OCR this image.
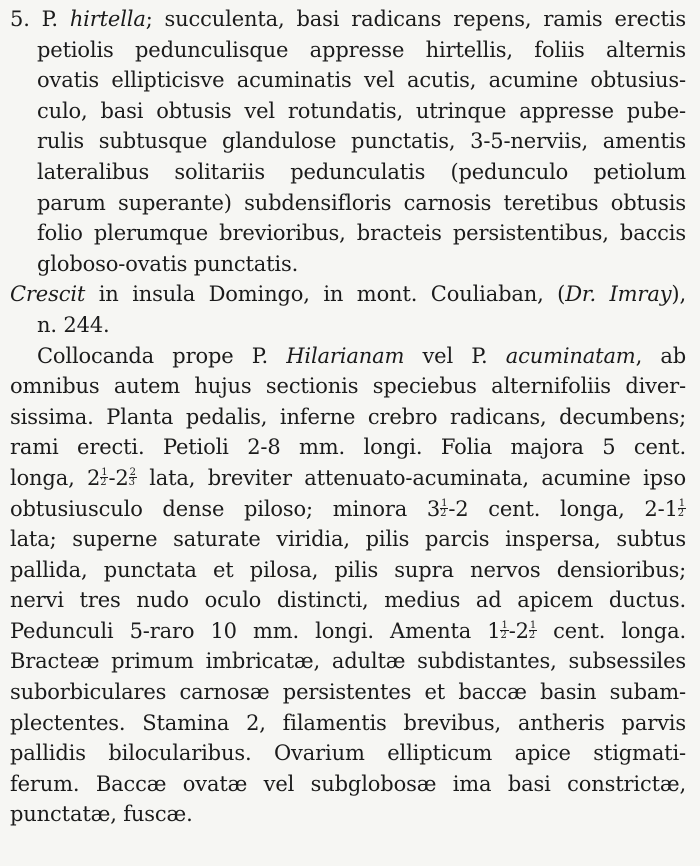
5. P. hirtella; succulenta, basi radicans repens, ramis erectis
petiolis pedunculisque appresse hirtellis, foliis alternis
ovatis ellipticisve acuminatis vel acutis, acumine obtusius-
culo, basi obtusis vel rotundatis, utrinque appresse pube-
rulis subtusque glandulose punctatis, 3-5-nerviis, amentis
lateralibus solitariis pedunculatis (pedunculo petiolum
parum superante) subdensifloris carnosis teretibus obtusis
folio plerumque brevioribus, bracteis persistentibus, baccis
globoso-ovatis punctatis.
Crescit in insula Domingo, in mont. Couliaban, (Dr. Imray),
n. 244.
Collocanda prope P. Hilarianam vel P. acuminatam, ab
omnibus autem hujus sectionis speciebus alternifoliis diver-
sissima. Planta pedalis, inferne crebro radicans, decumbens;
rami erecti. Petioli 2-8 mm. longi. Folia majora 5 cent.
longa, $2 \frac{1}{2} -2 \frac{2}{3}$ lata, breviter attenuato-acuminata, acumine ipso
obtusiusculo dense piloso; minora $3 \frac{1}{2} -2$ cent. longa, $2-1 \frac{1}{2}$
lata; superne saturate viridia, pilis parcis inspersa, subtus
pallida, punctata et pilosa, pilis supra nervos densioribus;
nervi tres nudo oculo distincti, medius ad apicem ductus.
Pedunculi 5-raro 10 mm. longi. Amenta $1 \frac{1}{2} -2 \frac{1}{2}$ cent. longa.
Bracteæ primum imbricatæ, adultæ subdistantes, subsessiles
suborbiculares carnosæ persistentes et baccæ basin subam-
plectentes. Stamina 2, filamentis brevibus, antheris parvis
pallidis bilocularibus. Ovarium ellipticum apice stigmati-
ferum. Baccæ ovatæ vel subglobosæ ima basi constrictæ,
punctatæ, fuscæ.
